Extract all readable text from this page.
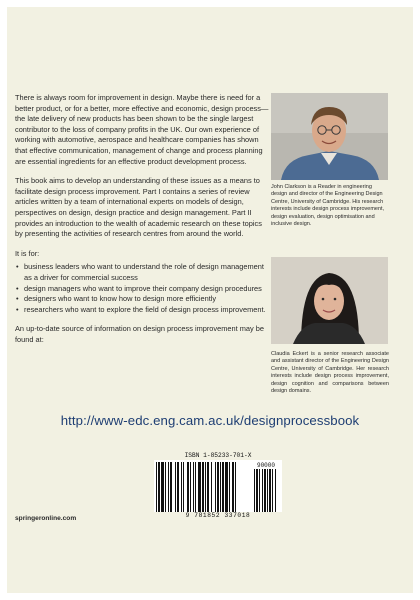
There is always room for improvement in design. Maybe there is need for a better product, or for a better, more effective and economic, design process—the late delivery of new products has been shown to be the single largest contributor to the loss of company profits in the UK. Our own experience of working with automotive, aerospace and healthcare companies has shown that effective communication, management of change and process planning are essential ingredients for an effective product development process.

This book aims to develop an understanding of these issues as a means to facilitate design process improvement. Part I contains a series of review articles written by a team of international experts on models of design, perspectives on design, design practice and design management. Part II provides an introduction to the wealth of academic research on these topics by presenting the activities of research centres from around the world.

It is for:

• business leaders who want to understand the role of design management as a driver for commercial success
• design managers who want to improve their company design procedures
• designers who want to know how to design more efficiently
• researchers who want to explore the field of design process improvement.

An up-to-date source of information on design process improvement may be found at:

John Clarkson is a Reader in engineering design and director of the Engineering Design Centre, University of Cambridge. His research interests include design process improvement, design evaluation, design optimisation and inclusive design.
Claudia Eckert is a senior research associate and assistant director of the Engineering Design Centre, University of Cambridge. Her research interests include design process improvement, design cognition and comparisons between design domains.
http://www-edc.eng.cam.ac.uk/designprocessbook
ISBN 1-85233-701-X
90000
9 781852 337018
springeronline.com
